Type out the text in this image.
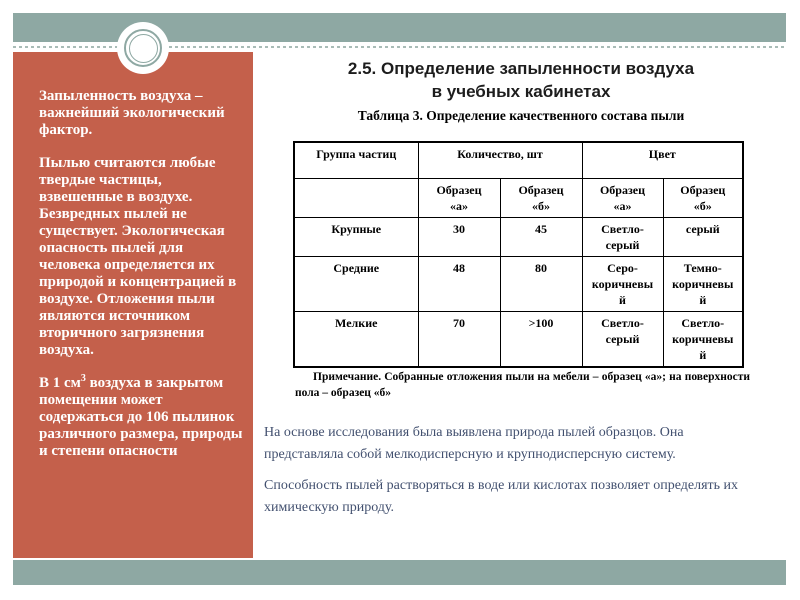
Запыленность воздуха – важнейший экологический фактор.

Пылью считаются любые твердые частицы, взвешенные в воздухе. Безвредных пылей не существует. Экологическая опасность пылей для человека определяется их природой и концентрацией в воздухе. Отложения пыли являются источником вторичного загрязнения воздуха.

В 1 $см^3$ воздуха в закрытом помещении может содержаться до 106 пылинок различного размера, природы и степени опасности

2.5. Определение запыленности воздуха
в учебных кабинетах
Таблица 3. Определение качественного состава пыли
Группа частиц	Количество, шт		Цвет	
	Образец «а»	Образец «б»	Образец «а»	Образец «б»
Крупные	30	45	Светло-серый	серый
Средние	48	80	Серо-коричневый	Темно-коричневый
Мелкие	70	>100	Светло-серый	Светло-коричневый
Примечание. Собранные отложения пыли на мебели – образец «а»; на поверхности пола – образец «б»

На основе исследования была выявлена природа пылей образцов. Она представляла собой мелкодисперсную и крупнодисперсную систему.

Способность пылей растворяться в воде или кислотах позволяет определять их химическую природу.
